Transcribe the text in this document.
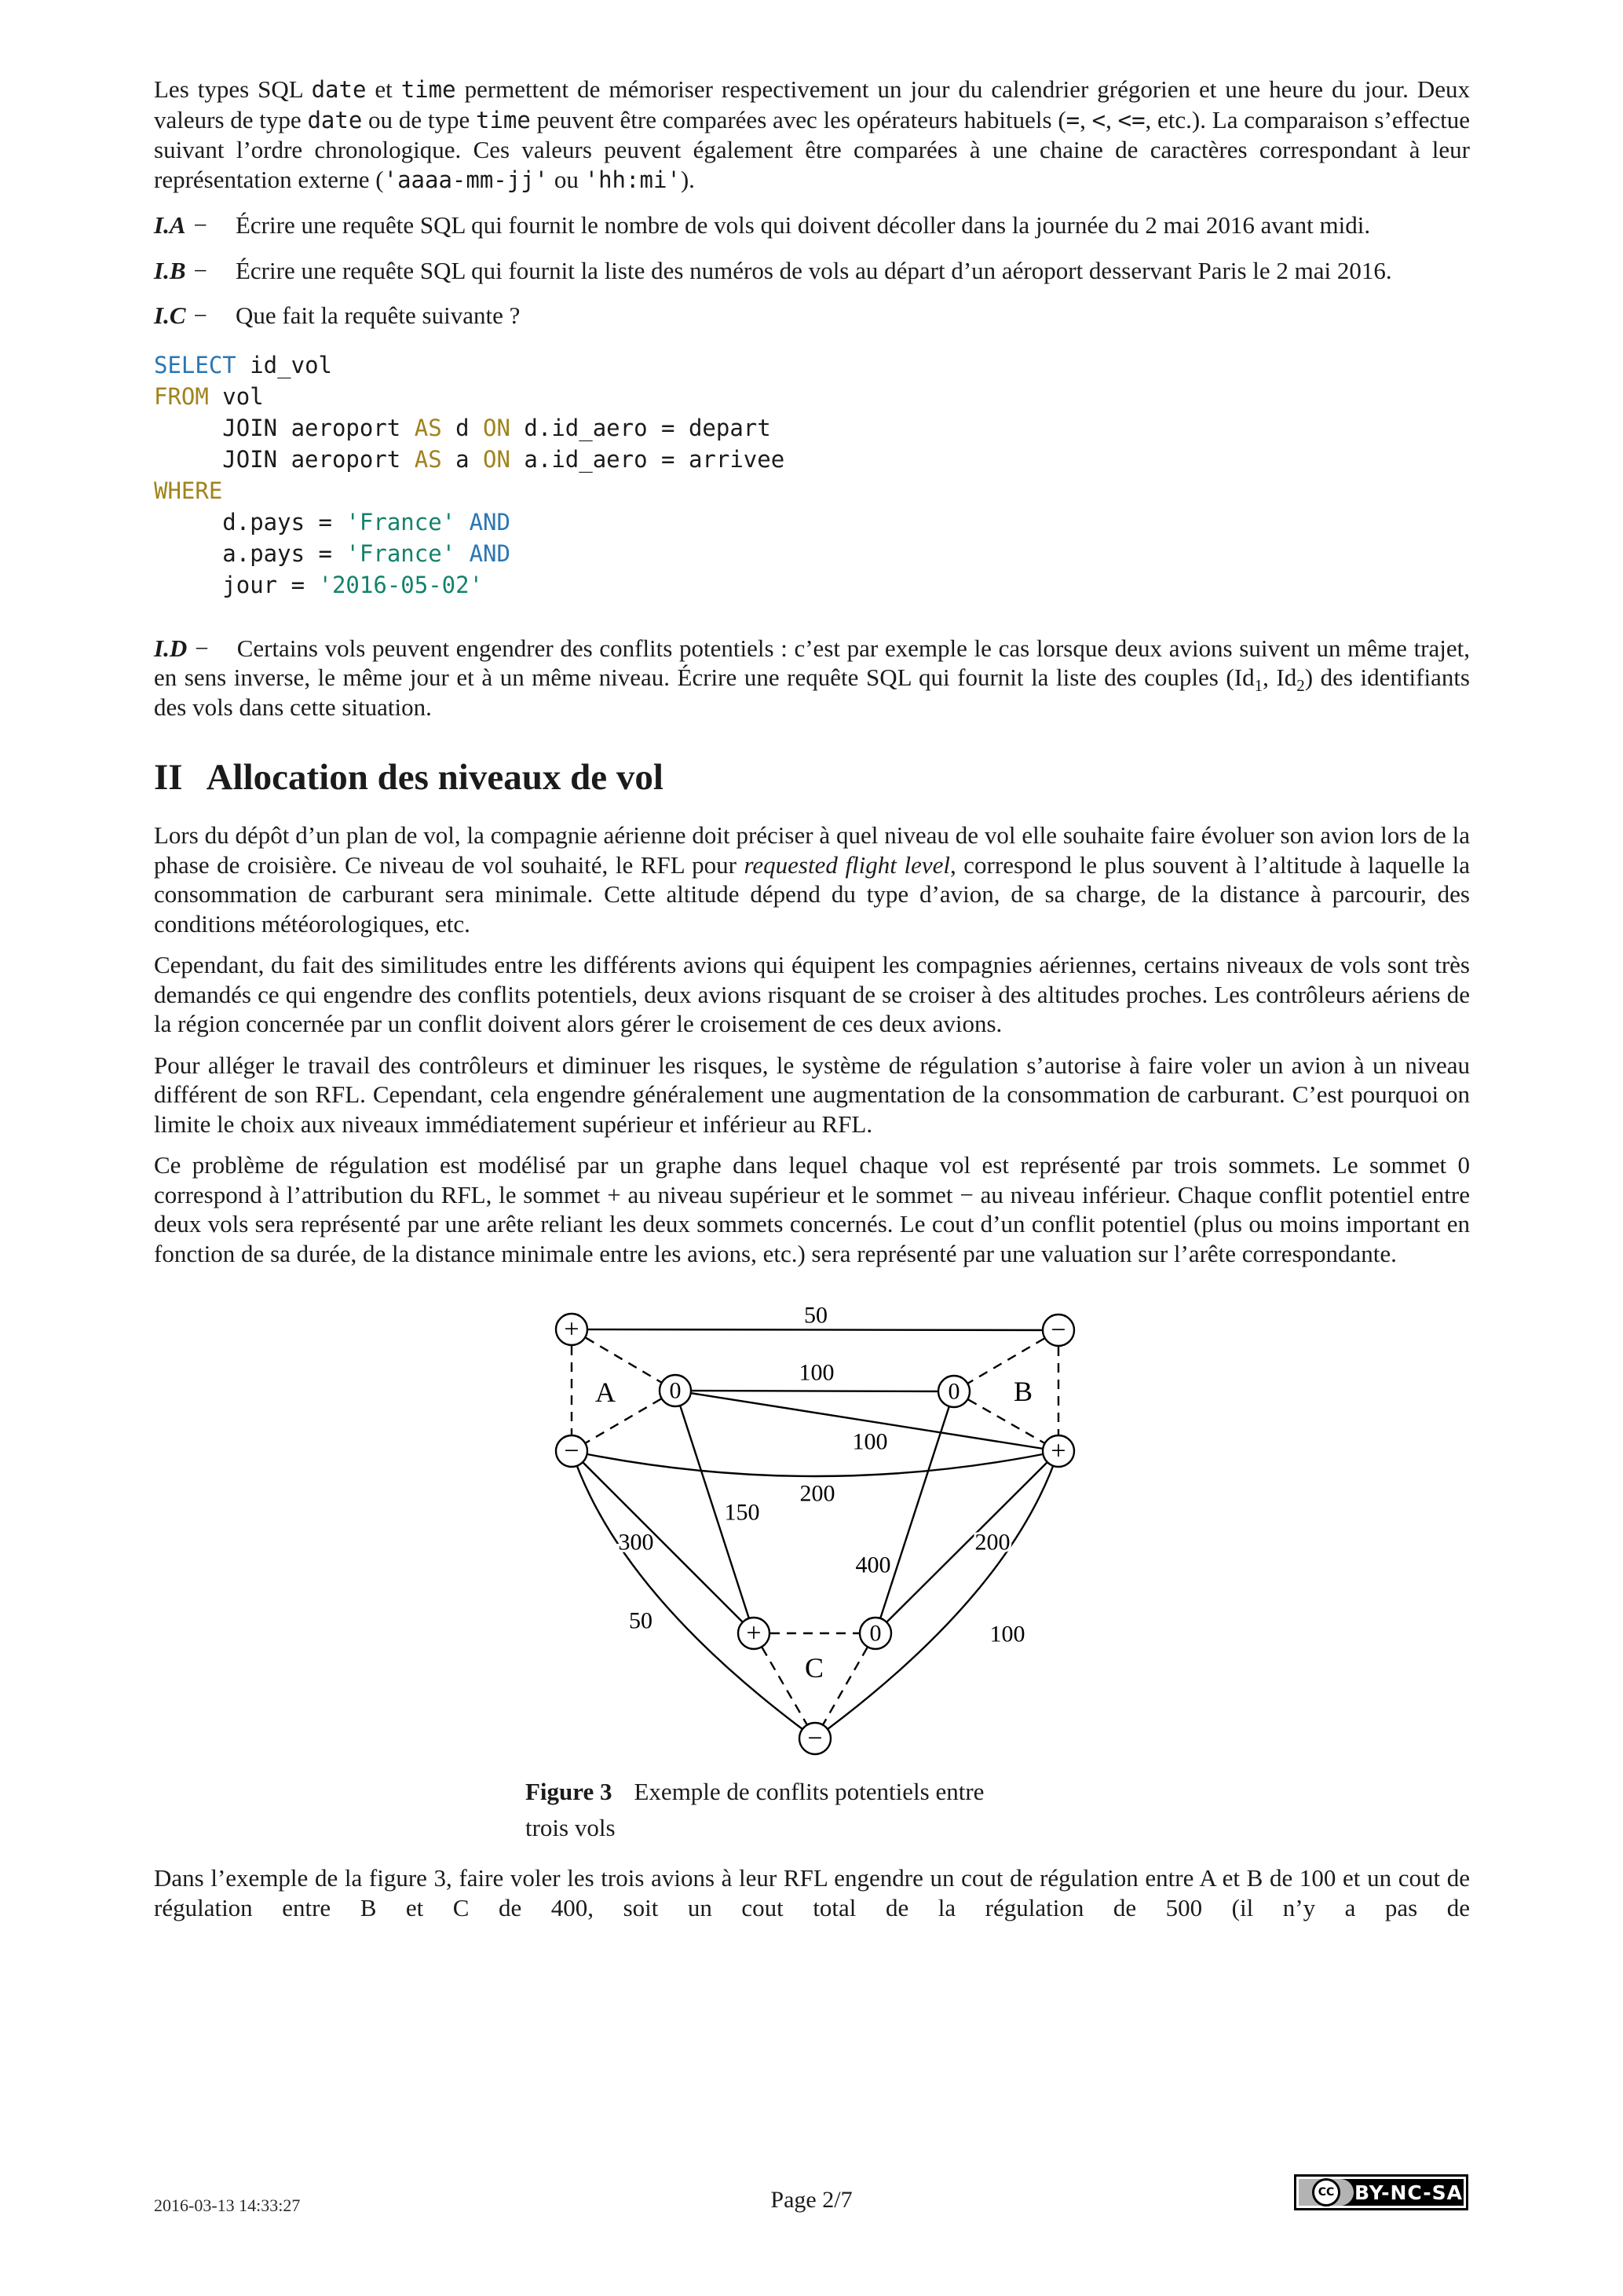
Les types SQL date et time permettent de mémoriser respectivement un jour du calendrier grégorien et une heure du jour. Deux valeurs de type date ou de type time peuvent être comparées avec les opérateurs habituels (=, <, <=, etc.). La comparaison s’effectue suivant l’ordre chronologique. Ces valeurs peuvent également être comparées à une chaine de caractères correspondant à leur représentation externe ('aaaa-mm-jj' ou 'hh:mi').

I.A − Écrire une requête SQL qui fournit le nombre de vols qui doivent décoller dans la journée du 2 mai 2016 avant midi.

I.B − Écrire une requête SQL qui fournit la liste des numéros de vols au départ d’un aéroport desservant Paris le 2 mai 2016.

I.C − Que fait la requête suivante ?

SELECT id_vol
FROM vol
JOIN aeroport AS d ON d.id_aero = depart
JOIN aeroport AS a ON a.id_aero = arrivee
WHERE
d.pays = 'France' AND
a.pays = 'France' AND
jour = '2016-05-02'

I.D − Certains vols peuvent engendrer des conflits potentiels : c’est par exemple le cas lorsque deux avions suivent un même trajet, en sens inverse, le même jour et à un même niveau. Écrire une requête SQL qui fournit la liste des couples ($Id_1$, $Id_2$) des identifiants des vols dans cette situation.

II Allocation des niveaux de vol

Lors du dépôt d’un plan de vol, la compagnie aérienne doit préciser à quel niveau de vol elle souhaite faire évoluer son avion lors de la phase de croisière. Ce niveau de vol souhaité, le RFL pour requested flight level, correspond le plus souvent à l’altitude à laquelle la consommation de carburant sera minimale. Cette altitude dépend du type d’avion, de sa charge, de la distance à parcourir, des conditions météorologiques, etc.

Cependant, du fait des similitudes entre les différents avions qui équipent les compagnies aériennes, certains niveaux de vols sont très demandés ce qui engendre des conflits potentiels, deux avions risquant de se croiser à des altitudes proches. Les contrôleurs aériens de la région concernée par un conflit doivent alors gérer le croisement de ces deux avions.

Pour alléger le travail des contrôleurs et diminuer les risques, le système de régulation s’autorise à faire voler un avion à un niveau différent de son RFL. Cependant, cela engendre généralement une augmentation de la consommation de carburant. C’est pourquoi on limite le choix aux niveaux immédiatement supérieur et inférieur au RFL.

Ce problème de régulation est modélisé par un graphe dans lequel chaque vol est représenté par trois sommets. Le sommet 0 correspond à l’attribution du RFL, le sommet + au niveau supérieur et le sommet − au niveau inférieur. Chaque conflit potentiel entre deux vols sera représenté par une arête reliant les deux sommets concernés. Le cout d’un conflit potentiel (plus ou moins important en fonction de sa durée, de la distance minimale entre les avions, etc.) sera représenté par une valuation sur l’arête correspondante.

+
0
−
−
0
+
+	0
−
50
100
100
200
150
300
400
200
50
100
A	B
C
Figure 3 Exemple de conflits potentiels entre
trois vols

Dans l’exemple de la figure 3, faire voler les trois avions à leur RFL engendre un cout de régulation entre A et B de 100 et un cout de régulation entre B et C de 400, soit un cout total de la régulation de 500 (il n’y a pas de

2016-03-13 14:33:27	Page 2/7	CC	BY-NC-SA
